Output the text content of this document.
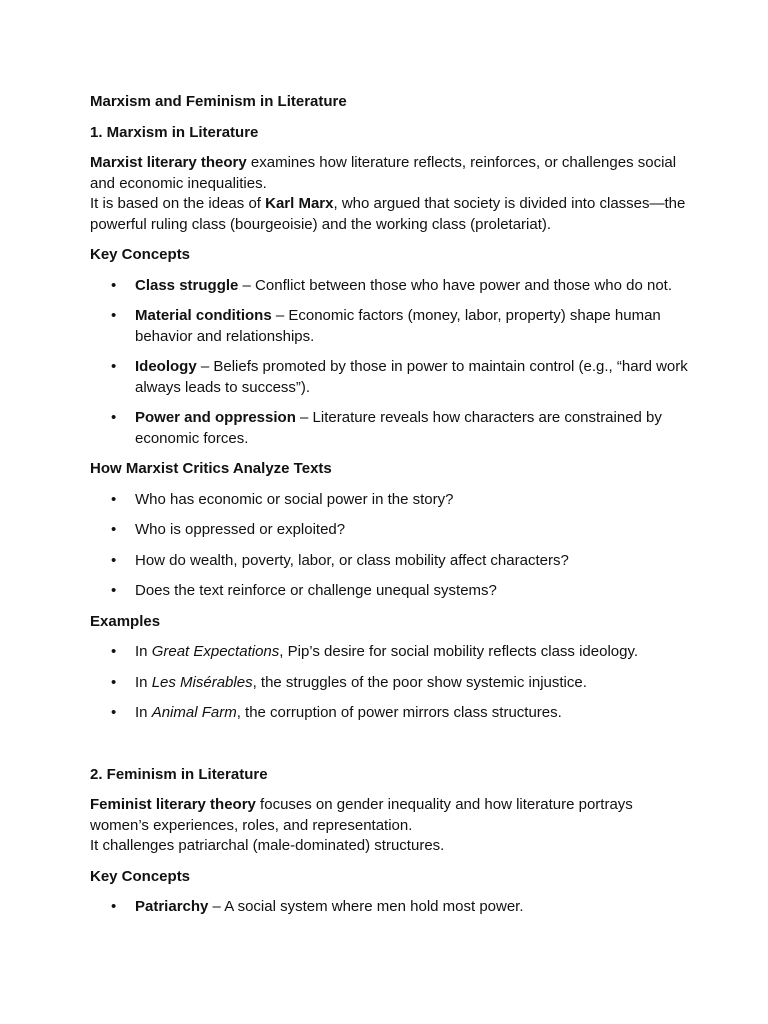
Marxism and Feminism in Literature

1. Marxism in Literature

Marxist literary theory examines how literature reflects, reinforces, or challenges social and economic inequalities.

It is based on the ideas of Karl Marx, who argued that society is divided into classes—the powerful ruling class (bourgeoisie) and the working class (proletariat).

Key Concepts

• Class struggle – Conflict between those who have power and those who do not.
• Material conditions – Economic factors (money, labor, property) shape human behavior and relationships.
• Ideology – Beliefs promoted by those in power to maintain control (e.g., “hard work always leads to success”).
• Power and oppression – Literature reveals how characters are constrained by economic forces.

How Marxist Critics Analyze Texts

• Who has economic or social power in the story?
• Who is oppressed or exploited?
• How do wealth, poverty, labor, or class mobility affect characters?
• Does the text reinforce or challenge unequal systems?

Examples

• In Great Expectations, Pip’s desire for social mobility reflects class ideology.
• In Les Misérables, the struggles of the poor show systemic injustice.
• In Animal Farm, the corruption of power mirrors class structures.

2. Feminism in Literature

Feminist literary theory focuses on gender inequality and how literature portrays women’s experiences, roles, and representation.

It challenges patriarchal (male-dominated) structures.

Key Concepts

• Patriarchy – A social system where men hold most power.
